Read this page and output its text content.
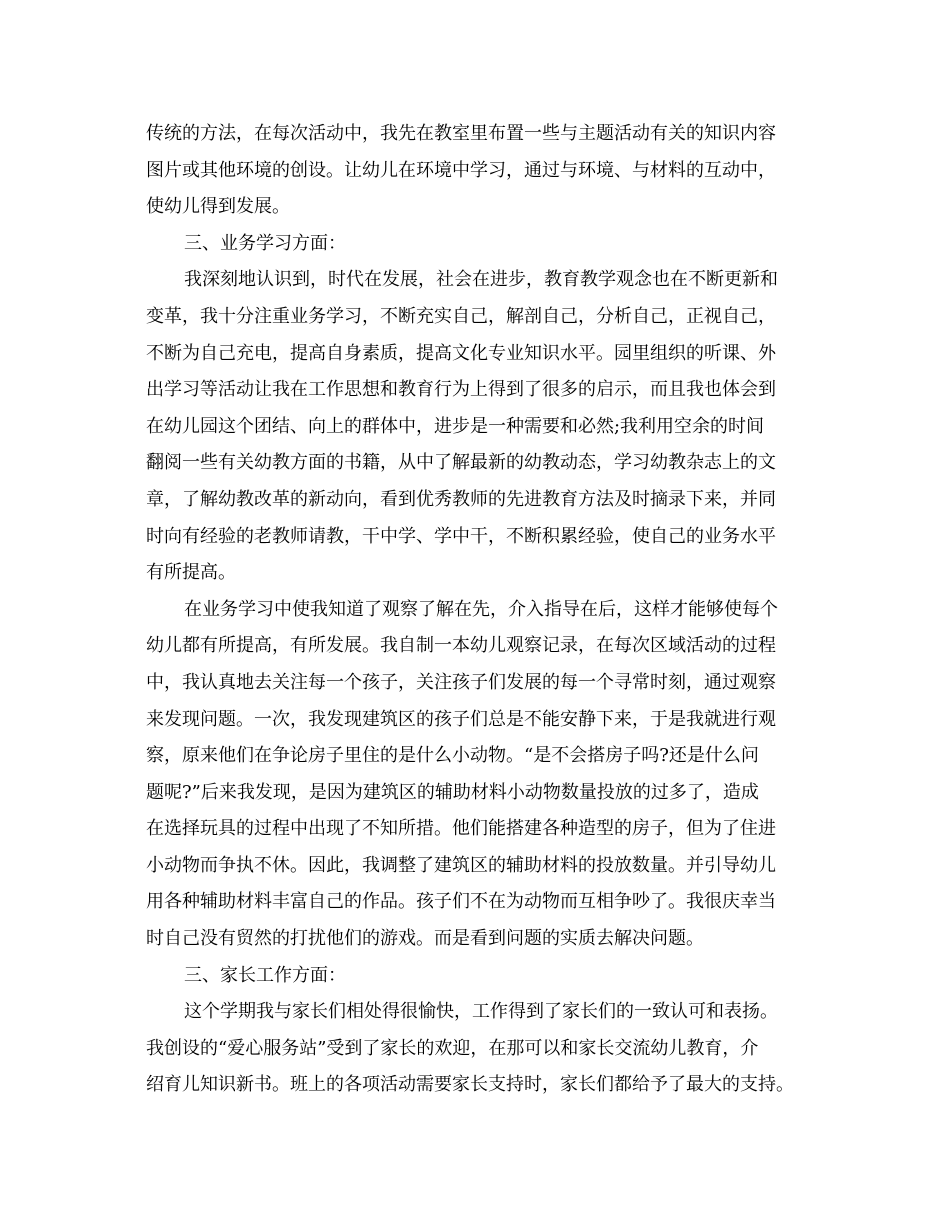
传统的方法，在每次活动中，我先在教室里布置一些与主题活动有关的知识内容
图片或其他环境的创设。让幼儿在环境中学习，通过与环境、与材料的互动中，
使幼儿得到发展。
三、业务学习方面：
我深刻地认识到，时代在发展，社会在进步，教育教学观念也在不断更新和
变革，我十分注重业务学习，不断充实自己，解剖自己，分析自己，正视自己，
不断为自己充电，提高自身素质，提高文化专业知识水平。园里组织的听课、外
出学习等活动让我在工作思想和教育行为上得到了很多的启示，而且我也体会到
在幼儿园这个团结、向上的群体中，进步是一种需要和必然;我利用空余的时间
翻阅一些有关幼教方面的书籍，从中了解最新的幼教动态，学习幼教杂志上的文
章，了解幼教改革的新动向，看到优秀教师的先进教育方法及时摘录下来，并同
时向有经验的老教师请教，干中学、学中干，不断积累经验，使自己的业务水平
有所提高。
在业务学习中使我知道了观察了解在先，介入指导在后，这样才能够使每个
幼儿都有所提高，有所发展。我自制一本幼儿观察记录，在每次区域活动的过程
中，我认真地去关注每一个孩子，关注孩子们发展的每一个寻常时刻，通过观察
来发现问题。一次，我发现建筑区的孩子们总是不能安静下来，于是我就进行观
察，原来他们在争论房子里住的是什么小动物。“是不会搭房子吗?还是什么问
题呢?”后来我发现，是因为建筑区的辅助材料小动物数量投放的过多了，造成
在选择玩具的过程中出现了不知所措。他们能搭建各种造型的房子，但为了住进
小动物而争执不休。因此，我调整了建筑区的辅助材料的投放数量。并引导幼儿
用各种辅助材料丰富自己的作品。孩子们不在为动物而互相争吵了。我很庆幸当
时自己没有贸然的打扰他们的游戏。而是看到问题的实质去解决问题。
三、家长工作方面：
这个学期我与家长们相处得很愉快，工作得到了家长们的一致认可和表扬。
我创设的“爱心服务站”受到了家长的欢迎，在那可以和家长交流幼儿教育，介
绍育儿知识新书。班上的各项活动需要家长支持时，家长们都给予了最大的支持。
